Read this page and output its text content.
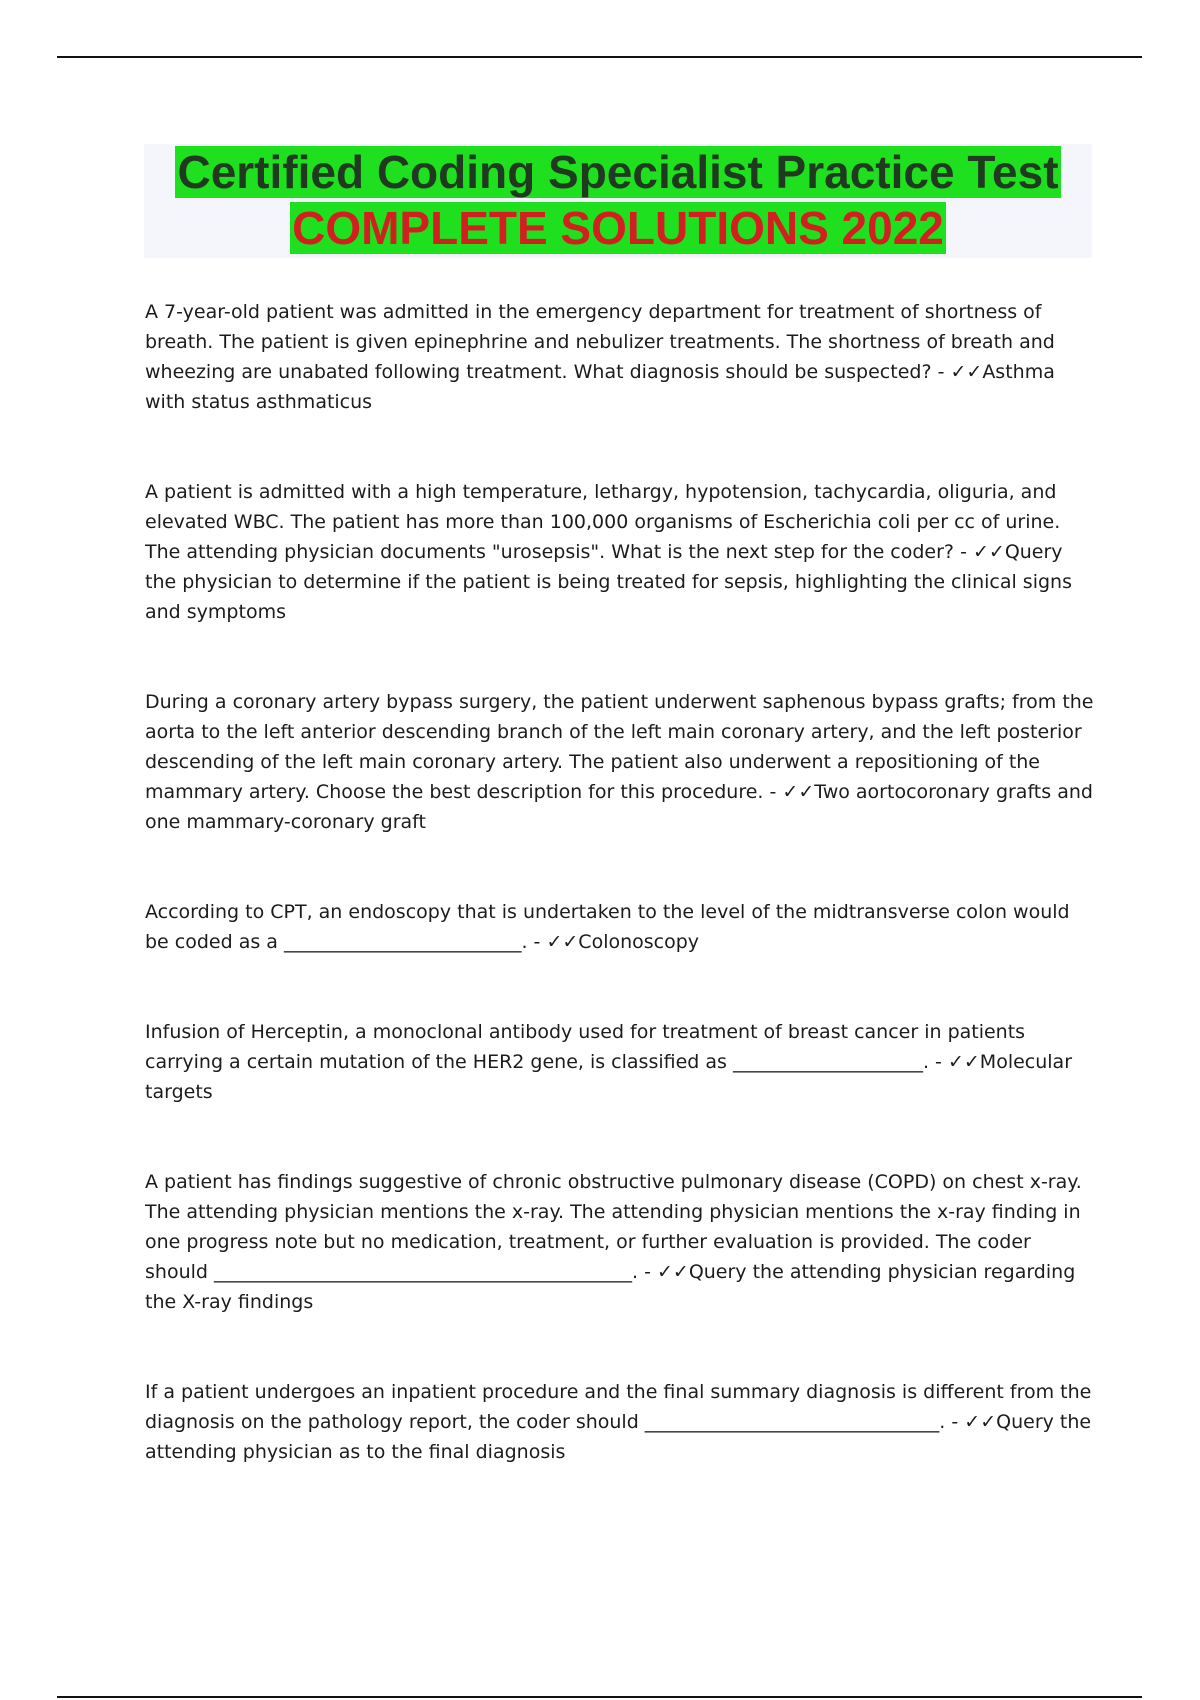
Certified Coding Specialist Practice Test
COMPLETE SOLUTIONS 2022

A 7-year-old patient was admitted in the emergency department for treatment of shortness of breath. The patient is given epinephrine and nebulizer treatments. The shortness of breath and wheezing are unabated following treatment. What diagnosis should be suspected? - ✓✓Asthma with status asthmaticus

A patient is admitted with a high temperature, lethargy, hypotension, tachycardia, oliguria, and elevated WBC. The patient has more than 100,000 organisms of Escherichia coli per cc of urine. The attending physician documents "urosepsis". What is the next step for the coder? - ✓✓Query the physician to determine if the patient is being treated for sepsis, highlighting the clinical signs and symptoms

During a coronary artery bypass surgery, the patient underwent saphenous bypass grafts; from the aorta to the left anterior descending branch of the left main coronary artery, and the left posterior descending of the left main coronary artery. The patient also underwent a repositioning of the mammary artery. Choose the best description for this procedure. - ✓✓Two aortocoronary grafts and one mammary-coronary graft

According to CPT, an endoscopy that is undertaken to the level of the midtransverse colon would be coded as a _________________________. - ✓✓Colonoscopy

Infusion of Herceptin, a monoclonal antibody used for treatment of breast cancer in patients carrying a certain mutation of the HER2 gene, is classified as ____________________. - ✓✓Molecular targets

A patient has findings suggestive of chronic obstructive pulmonary disease (COPD) on chest x-ray. The attending physician mentions the x-ray. The attending physician mentions the x-ray finding in one progress note but no medication, treatment, or further evaluation is provided. The coder should ____________________________________________. - ✓✓Query the attending physician regarding the X-ray findings

If a patient undergoes an inpatient procedure and the final summary diagnosis is different from the diagnosis on the pathology report, the coder should _______________________________. - ✓✓Query the attending physician as to the final diagnosis
